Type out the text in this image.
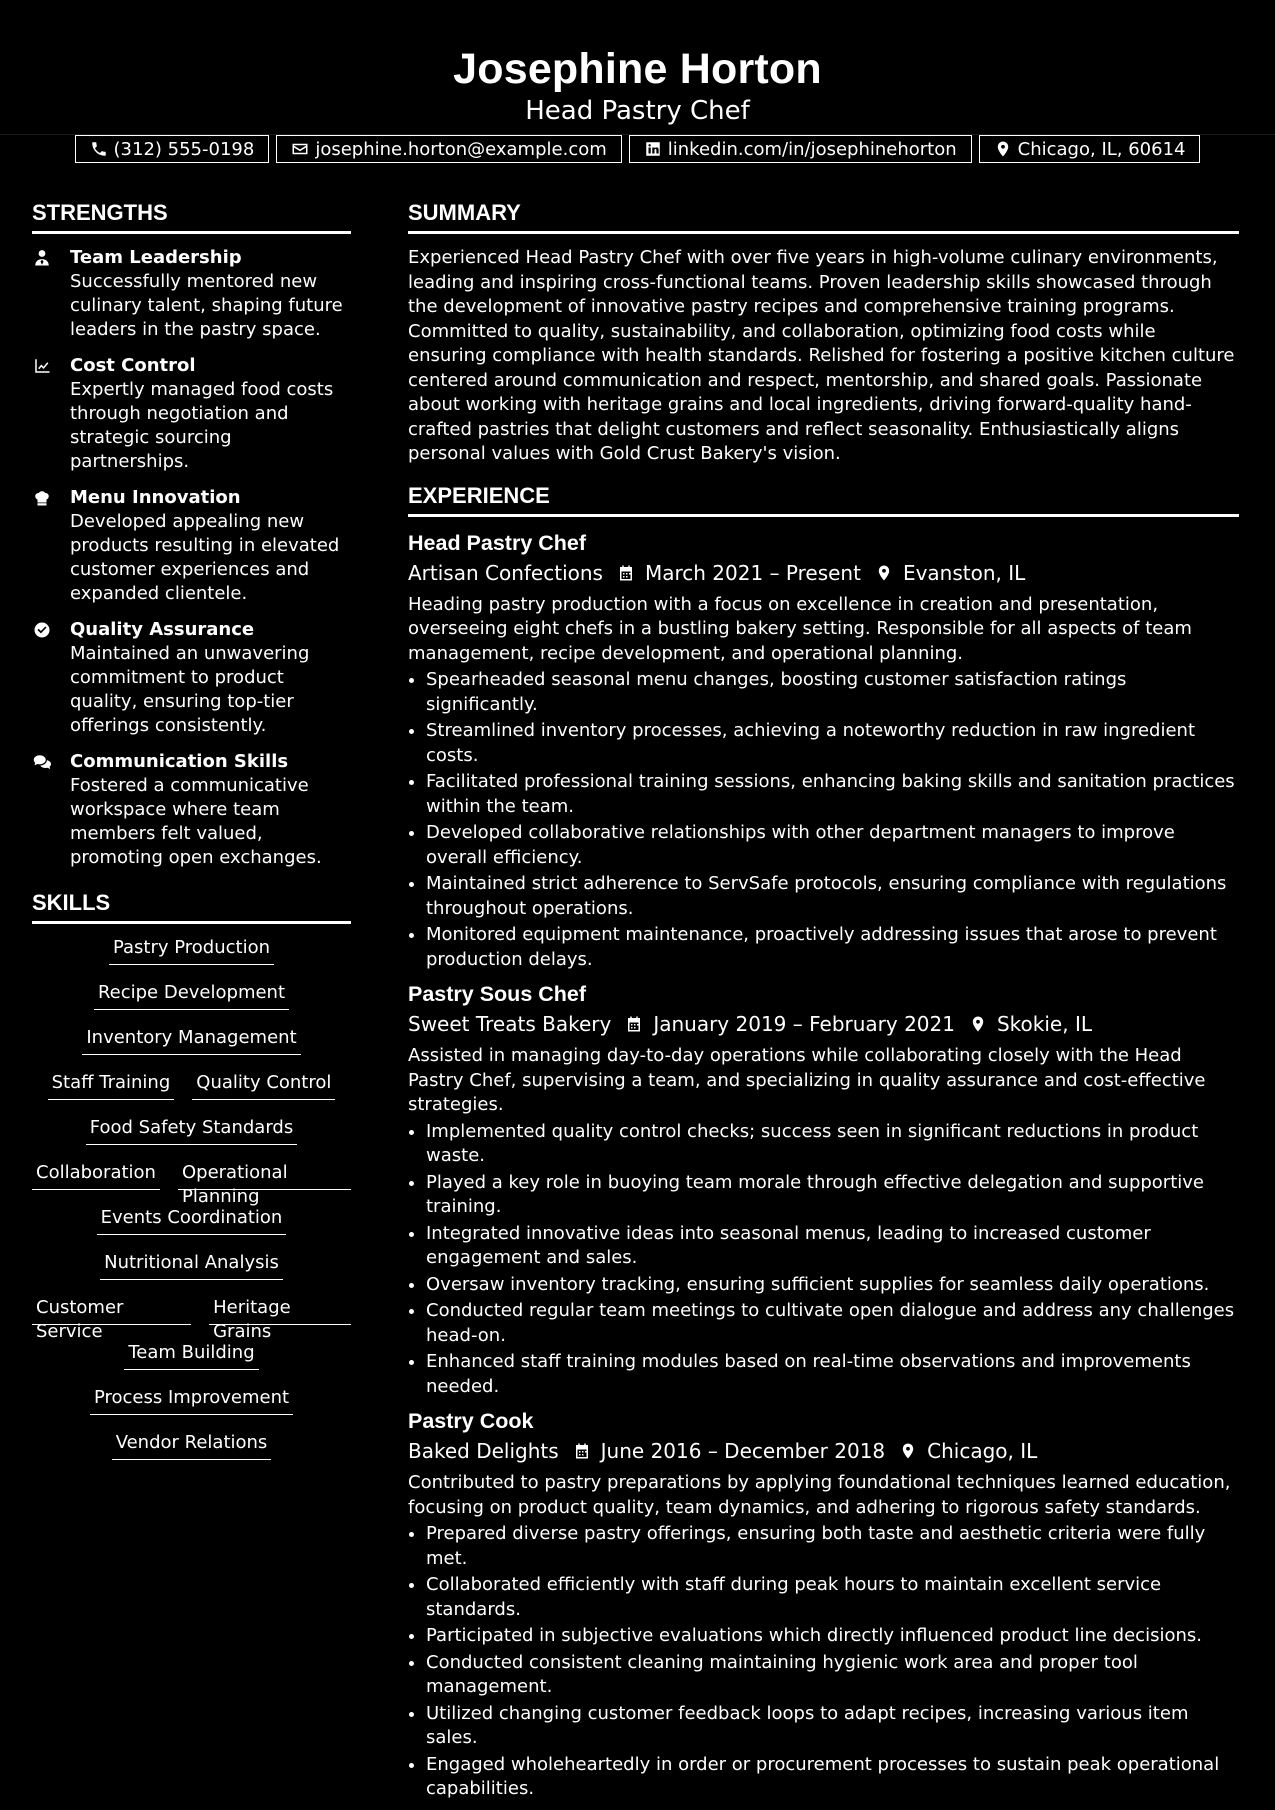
Josephine Horton
Head Pastry Chef
(312) 555-0198	josephine.horton@example.com	linkedin.com/in/josephinehorton	Chicago, IL, 60614
STRENGTHS
Team Leadership
Successfully mentored new culinary talent, shaping future leaders in the pastry space.
Cost Control
Expertly managed food costs through negotiation and strategic sourcing partnerships.
Menu Innovation
Developed appealing new products resulting in elevated customer experiences and expanded clientele.
Quality Assurance
Maintained an unwavering commitment to product quality, ensuring top-tier offerings consistently.
Communication Skills
Fostered a communicative workspace where team members felt valued, promoting open exchanges.
SKILLS
Pastry Production
Recipe Development
Inventory Management
Staff Training Quality Control
Food Safety Standards
Collaboration Operational Planning
Events Coordination
Nutritional Analysis
Customer Service
Heritage Grains
Team Building
Process Improvement
Vendor Relations
SUMMARY
Experienced Head Pastry Chef with over five years in high-volume culinary environments, leading and inspiring cross-functional teams. Proven leadership skills showcased through the development of innovative pastry recipes and comprehensive training programs. Committed to quality, sustainability, and collaboration, optimizing food costs while ensuring compliance with health standards. Relished for fostering a positive kitchen culture centered around communication and respect, mentorship, and shared goals. Passionate about working with heritage grains and local ingredients, driving forward-quality hand-crafted pastries that delight customers and reflect seasonality. Enthusiastically aligns personal values with Gold Crust Bakery's vision.
EXPERIENCE
Head Pastry Chef
Artisan Confections March 2021 – Present Evanston, IL
Heading pastry production with a focus on excellence in creation and presentation, overseeing eight chefs in a bustling bakery setting. Responsible for all aspects of team management, recipe development, and operational planning.
• Spearheaded seasonal menu changes, boosting customer satisfaction ratings significantly.
• Streamlined inventory processes, achieving a noteworthy reduction in raw ingredient costs.
• Facilitated professional training sessions, enhancing baking skills and sanitation practices within the team.
• Developed collaborative relationships with other department managers to improve overall efficiency.
• Maintained strict adherence to ServSafe protocols, ensuring compliance with regulations throughout operations.
• Monitored equipment maintenance, proactively addressing issues that arose to prevent production delays.
Pastry Sous Chef
Sweet Treats Bakery January 2019 – February 2021 Skokie, IL
Assisted in managing day-to-day operations while collaborating closely with the Head Pastry Chef, supervising a team, and specializing in quality assurance and cost-effective strategies.
• Implemented quality control checks; success seen in significant reductions in product waste.
• Played a key role in buoying team morale through effective delegation and supportive training.
• Integrated innovative ideas into seasonal menus, leading to increased customer engagement and sales.
• Oversaw inventory tracking, ensuring sufficient supplies for seamless daily operations.
• Conducted regular team meetings to cultivate open dialogue and address any challenges head-on.
• Enhanced staff training modules based on real-time observations and improvements needed.
Pastry Cook
Baked Delights June 2016 – December 2018 Chicago, IL
Contributed to pastry preparations by applying foundational techniques learned education, focusing on product quality, team dynamics, and adhering to rigorous safety standards.
• Prepared diverse pastry offerings, ensuring both taste and aesthetic criteria were fully met.
• Collaborated efficiently with staff during peak hours to maintain excellent service standards.
• Participated in subjective evaluations which directly influenced product line decisions.
• Conducted consistent cleaning maintaining hygienic work area and proper tool management.
• Utilized changing customer feedback loops to adapt recipes, increasing various item sales.
• Engaged wholeheartedly in order or procurement processes to sustain peak operational capabilities.
